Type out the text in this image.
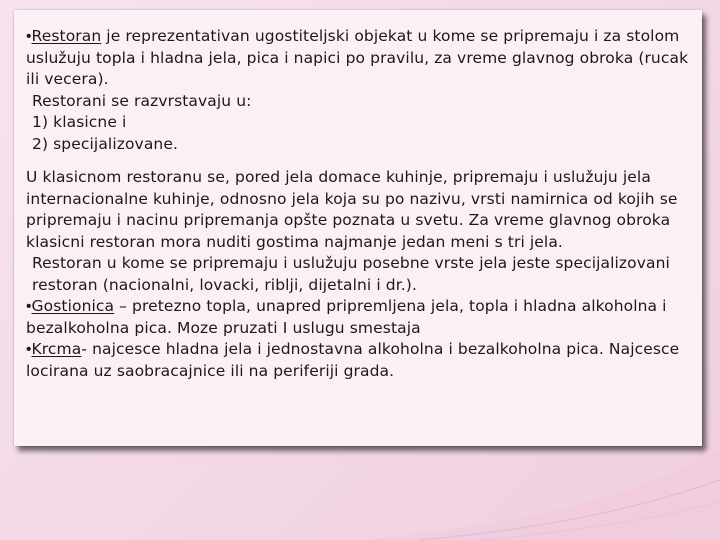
•Restoran je reprezentativan ugostiteljski objekat u kome se pripremaju i za stolom uslužuju topla i hladna jela, pica i napici po pravilu, za vreme glavnog obroka (rucak ili vecera).

Restorani se razvrstavaju u:

1) klasicne i

2) specijalizovane.

U klasicnom restoranu se, pored jela domace kuhinje, pripremaju i uslužuju jela internacionalne kuhinje, odnosno jela koja su po nazivu, vrsti namirnica od kojih se pripremaju i nacinu pripremanja opšte poznata u svetu. Za vreme glavnog obroka klasicni restoran mora nuditi gostima najmanje jedan meni s tri jela.

Restoran u kome se pripremaju i uslužuju posebne vrste jela jeste specijalizovani restoran (nacionalni, lovacki, riblji, dijetalni i dr.).

•Gostionica – pretezno topla, unapred pripremljena jela, topla i hladna alkoholna i bezalkoholna pica. Moze pruzati I uslugu smestaja

•Krcma- najcesce hladna jela i jednostavna alkoholna i bezalkoholna pica. Najcesce locirana uz saobracajnice ili na periferiji grada.
